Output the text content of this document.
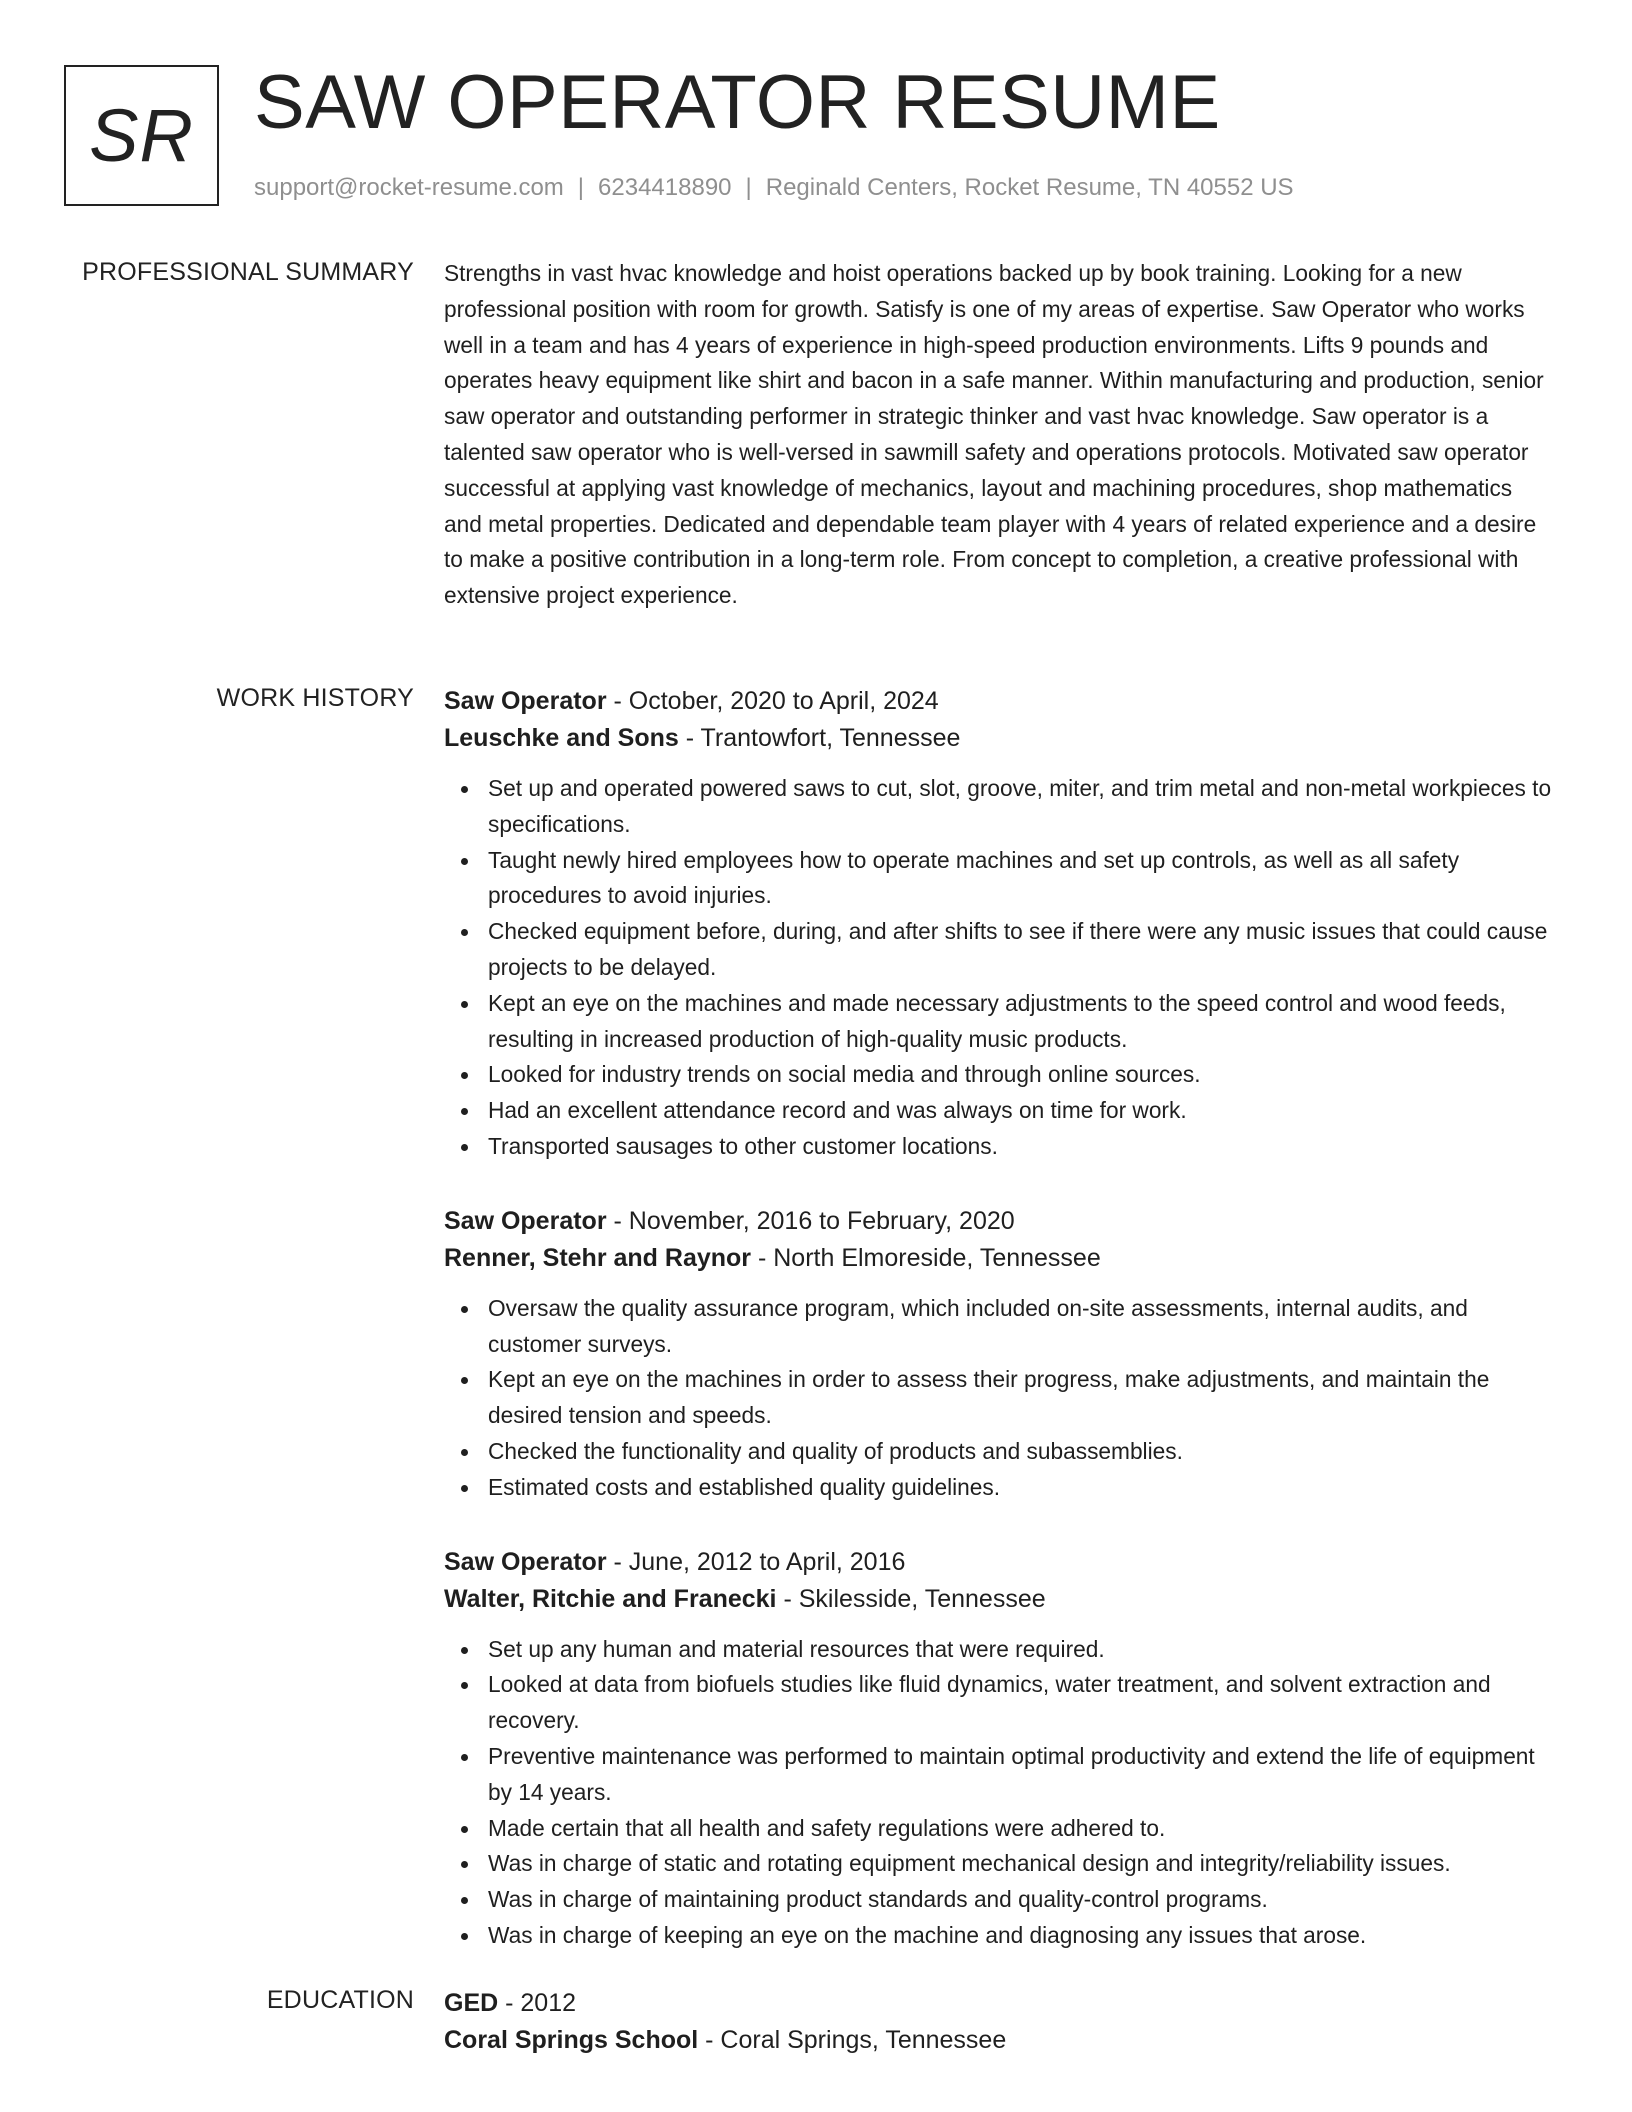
SR SAW OPERATOR RESUME
support@rocket-resume.com | 6234418890 | Reginald Centers, Rocket Resume, TN 40552 US
PROFESSIONAL SUMMARY Strengths in vast hvac knowledge and hoist operations backed up by book training. Looking for a new professional position with room for growth. Satisfy is one of my areas of expertise. Saw Operator who works well in a team and has 4 years of experience in high-speed production environments. Lifts 9 pounds and operates heavy equipment like shirt and bacon in a safe manner. Within manufacturing and production, senior saw operator and outstanding performer in strategic thinker and vast hvac knowledge. Saw operator is a talented saw operator who is well-versed in sawmill safety and operations protocols. Motivated saw operator successful at applying vast knowledge of mechanics, layout and machining procedures, shop mathematics and metal properties. Dedicated and dependable team player with 4 years of related experience and a desire to make a positive contribution in a long-term role. From concept to completion, a creative professional with extensive project experience.

WORK HISTORY Saw Operator - October, 2020 to April, 2024
Leuschke and Sons - Trantowfort, Tennessee
Set up and operated powered saws to cut, slot, groove, miter, and trim metal and non-metal workpieces to specifications.
Taught newly hired employees how to operate machines and set up controls, as well as all safety procedures to avoid injuries.
Checked equipment before, during, and after shifts to see if there were any music issues that could cause projects to be delayed.
Kept an eye on the machines and made necessary adjustments to the speed control and wood feeds, resulting in increased production of high-quality music products.
Looked for industry trends on social media and through online sources.
Had an excellent attendance record and was always on time for work.
Transported sausages to other customer locations.
Saw Operator - November, 2016 to February, 2020
Renner, Stehr and Raynor - North Elmoreside, Tennessee
Oversaw the quality assurance program, which included on-site assessments, internal audits, and customer surveys.
Kept an eye on the machines in order to assess their progress, make adjustments, and maintain the desired tension and speeds.
Checked the functionality and quality of products and subassemblies.
Estimated costs and established quality guidelines.
Saw Operator - June, 2012 to April, 2016
Walter, Ritchie and Franecki - Skilesside, Tennessee
Set up any human and material resources that were required.
Looked at data from biofuels studies like fluid dynamics, water treatment, and solvent extraction and recovery.
Preventive maintenance was performed to maintain optimal productivity and extend the life of equipment by 14 years.
Made certain that all health and safety regulations were adhered to.
Was in charge of static and rotating equipment mechanical design and integrity/reliability issues.
Was in charge of maintaining product standards and quality-control programs.
Was in charge of keeping an eye on the machine and diagnosing any issues that arose.
EDUCATION GED - 2012
Coral Springs School - Coral Springs, Tennessee
